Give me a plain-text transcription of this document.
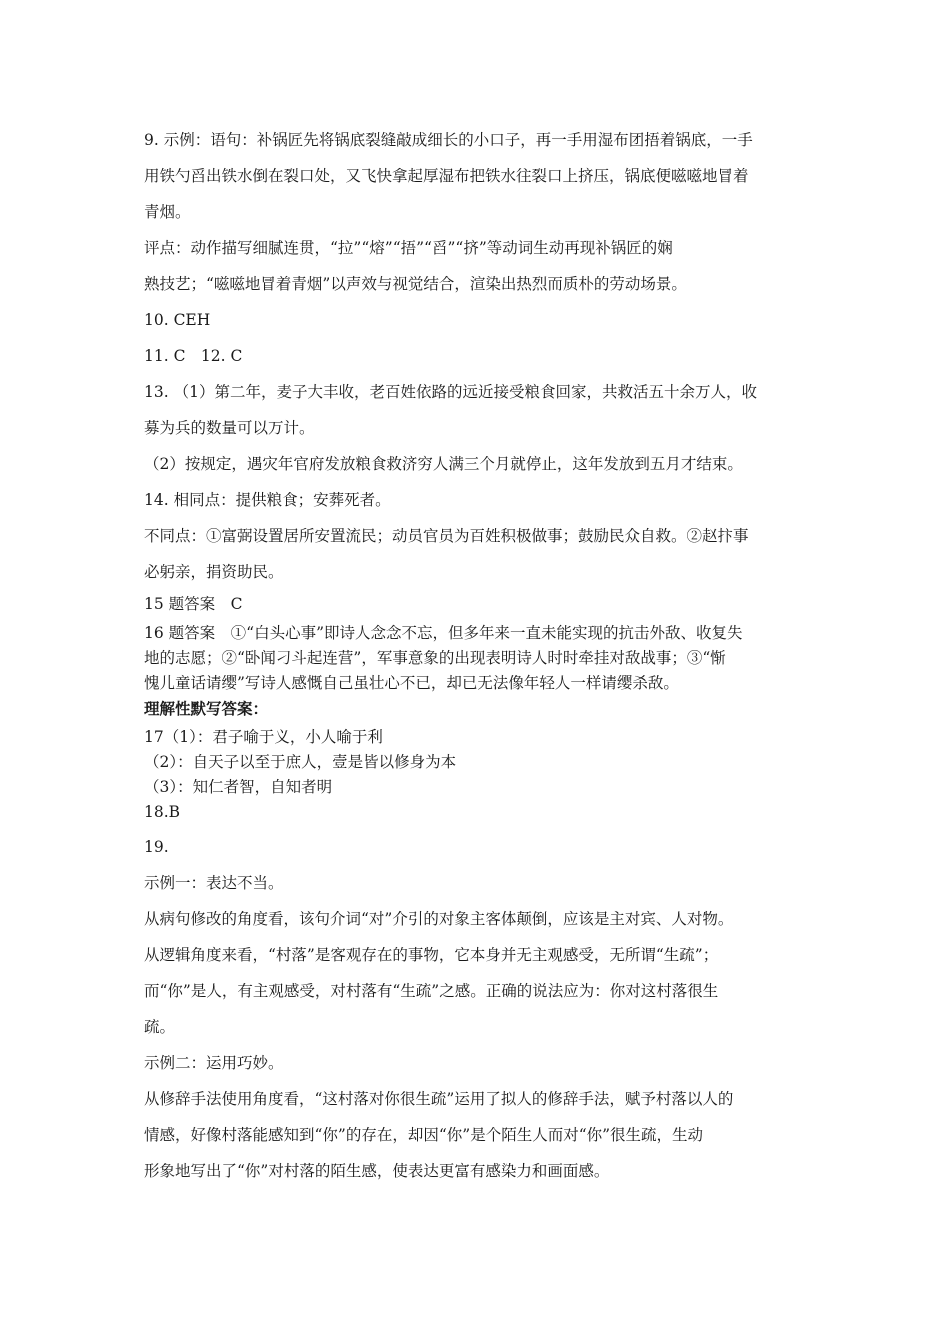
9. 示例：语句：补锅匠先将锅底裂缝敲成细长的小口子，再一手用湿布团捂着锅底，一手

用铁勺舀出铁水倒在裂口处，又飞快拿起厚湿布把铁水往裂口上挤压，锅底便嗞嗞地冒着

青烟。

评点：动作描写细腻连贯，“拉”“熔”“捂”“舀”“挤”等动词生动再现补锅匠的娴

熟技艺；“嗞嗞地冒着青烟”以声效与视觉结合，渲染出热烈而质朴的劳动场景。

10. CEH

11. C　12. C

13. （1）第二年，麦子大丰收，老百姓依路的远近接受粮食回家，共救活五十余万人，收

募为兵的数量可以万计。

（2）按规定，遇灾年官府发放粮食救济穷人满三个月就停止，这年发放到五月才结束。

14. 相同点：提供粮食；安葬死者。

不同点：①富弼设置居所安置流民；动员官员为百姓积极做事；鼓励民众自救。②赵抃事

必躬亲，捐资助民。

15 题答案　C

16 题答案　①“白头心事”即诗人念念不忘，但多年来一直未能实现的抗击外敌、收复失

地的志愿；②“卧闻刁斗起连营”，军事意象的出现表明诗人时时牵挂对敌战事；③“惭

愧儿童话请缨”写诗人感慨自己虽壮心不已，却已无法像年轻人一样请缨杀敌。

理解性默写答案：

17（1）：君子喻于义，小人喻于利

（2）：自天子以至于庶人，壹是皆以修身为本

（3）：知仁者智，自知者明

18.B

19.

示例一：表达不当。

从病句修改的角度看，该句介词“对”介引的对象主客体颠倒，应该是主对宾、人对物。

从逻辑角度来看，“村落”是客观存在的事物，它本身并无主观感受，无所谓“生疏”；

而“你”是人，有主观感受，对村落有“生疏”之感。正确的说法应为：你对这村落很生

疏。

示例二：运用巧妙。

从修辞手法使用角度看，“这村落对你很生疏”运用了拟人的修辞手法，赋予村落以人的

情感，好像村落能感知到“你”的存在，却因“你”是个陌生人而对“你”很生疏，生动

形象地写出了“你”对村落的陌生感，使表达更富有感染力和画面感。
